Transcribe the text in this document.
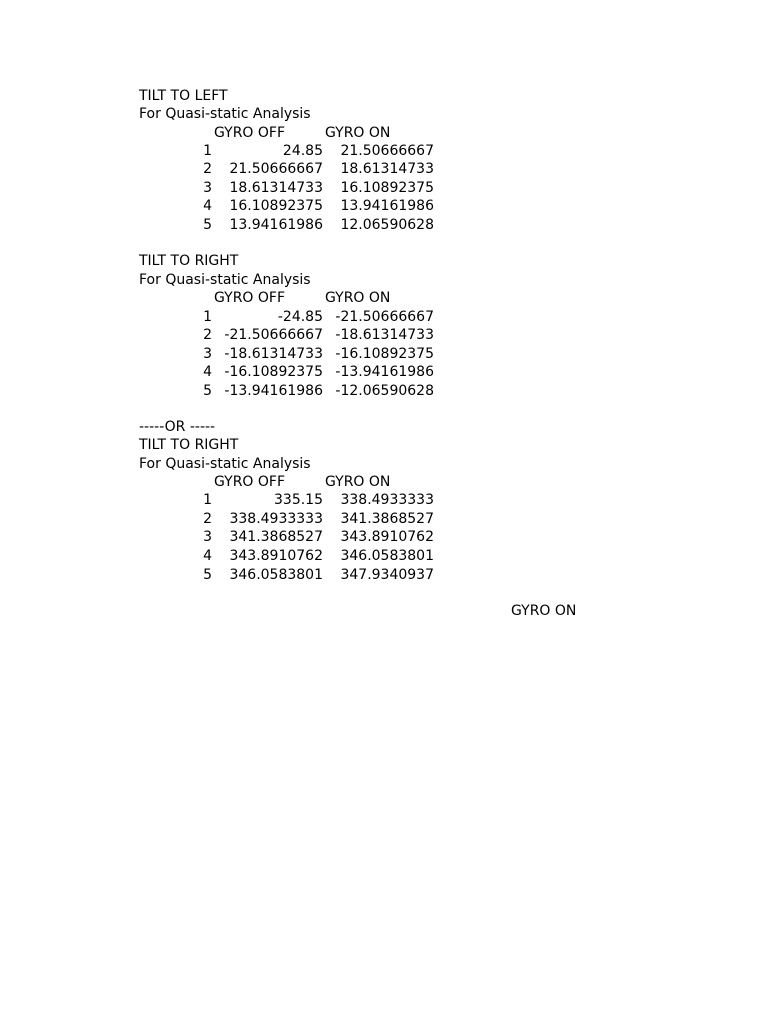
TILT TO LEFT
For Quasi-static Analysis
GYRO OFF	GYRO ON
1	24.85	21.50666667
2	21.50666667	18.61314733
3	18.61314733	16.10892375
4	16.10892375	13.94161986
5	13.94161986	12.06590628
TILT TO RIGHT
For Quasi-static Analysis
GYRO OFF	GYRO ON
1	-24.85 -21.50666667
2 -21.50666667 -18.61314733
3 -18.61314733 -16.10892375
4 -16.10892375 -13.94161986
5 -13.94161986 -12.06590628
-----OR -----
TILT TO RIGHT
For Quasi-static Analysis
GYRO OFF	GYRO ON
1	335.15	338.4933333
2	338.4933333	341.3868527
3	341.3868527	343.8910762
4	343.8910762	346.0583801
5	346.0583801	347.9340937
GYRO ON
